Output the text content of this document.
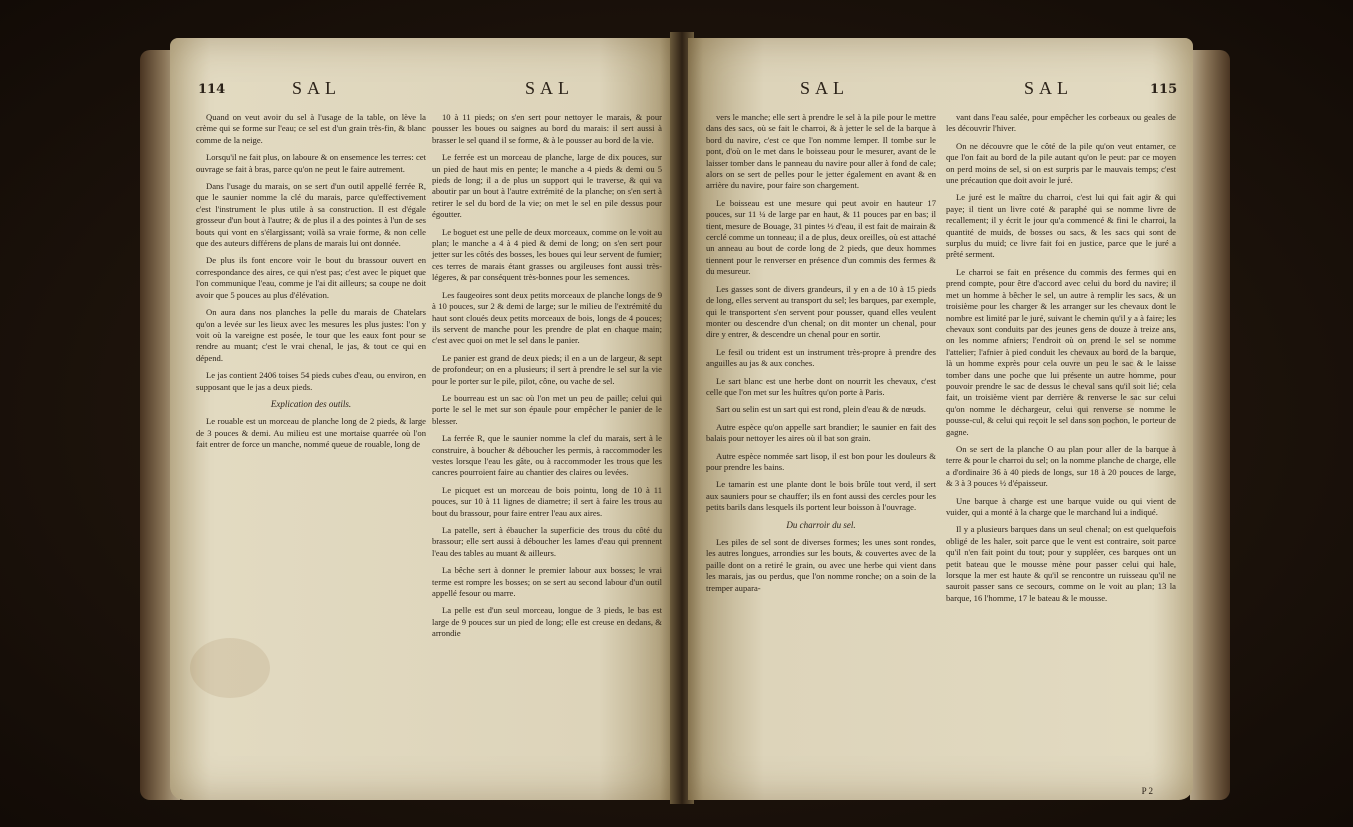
114	SAL	SAL

Quand on veut avoir du sel à l'usage de la table, on lève la crème qui se forme sur l'eau; ce sel est d'un grain très-fin, & blanc comme de la neige.

Lorsqu'il ne fait plus, on laboure & on ensemence les terres: cet ouvrage se fait à bras, parce qu'on ne peut le faire autrement.

Dans l'usage du marais, on se sert d'un outil appellé ferrée R, que le saunier nomme la clé du marais, parce qu'effectivement c'est l'instrument le plus utile à sa construction. Il est d'égale grosseur d'un bout à l'autre; & de plus il a des pointes à l'un de ses bouts qui vont en s'élargissant; voilà sa vraie forme, & non celle que des auteurs différens de plans de marais lui ont donnée.

De plus ils font encore voir le bout du brassour ouvert en correspondance des aires, ce qui n'est pas; c'est avec le piquet que l'on communique l'eau, comme je l'ai dit ailleurs; sa coupe ne doit avoir que 5 pouces au plus d'élévation.

On aura dans nos planches la pelle du marais de Chatelars qu'on a levée sur les lieux avec les mesures les plus justes: l'on y voit où la vareigne est posée, le tour que les eaux font pour se rendre au muant; c'est le vrai chenal, le jas, & tout ce qui en dépend.

Le jas contient 2406 toises 54 pieds cubes d'eau, ou environ, en supposant que le jas a deux pieds.

Explication des outils.

Le rouable est un morceau de planche long de 2 pieds, & large de 3 pouces & demi. Au milieu est une mortaise quarrée où l'on fait entrer de force un manche, nommé queue de rouable, long de

10 à 11 pieds; on s'en sert pour nettoyer le marais, & pour pousser les boues ou saignes au bord du marais: il sert aussi à brasser le sel quand il se forme, & à le pousser au bord de la vie.

Le ferrée est un morceau de planche, large de dix pouces, sur un pied de haut mis en pente; le manche a 4 pieds & demi ou 5 pieds de long; il a de plus un support qui le traverse, & qui va aboutir par un bout à l'autre extrémité de la planche; on s'en sert à retirer le sel du bord de la vie; on met le sel en pile dessus pour égoutter.

Le boguet est une pelle de deux morceaux, comme on le voit au plan; le manche a 4 à 4 pied & demi de long; on s'en sert pour jetter sur les côtés des bosses, les boues qui leur servent de fumier; ces terres de marais étant grasses ou argileuses font aussi très-légeres, & par conséquent très-bonnes pour les semences.

Les faugeoires sont deux petits morceaux de planche longs de 9 à 10 pouces, sur 2 & demi de large; sur le milieu de l'extrémité du haut sont cloués deux petits morceaux de bois, longs de 4 pouces; ils servent de manche pour les prendre de plat en chaque main; c'est avec quoi on met le sel dans le panier.

Le panier est grand de deux pieds; il en a un de largeur, & sept de profondeur; on en a plusieurs; il sert à prendre le sel sur la vie pour le porter sur le pile, pilot, cône, ou vache de sel.

Le bourreau est un sac où l'on met un peu de paille; celui qui porte le sel le met sur son épaule pour empêcher le panier de le blesser.

La ferrée R, que le saunier nomme la clef du marais, sert à le construire, à boucher & déboucher les permis, à raccommoder les vestes lorsque l'eau les gâte, ou à raccommoder les trous que les cancres pourroient faire au chantier des claires ou levées.

Le picquet est un morceau de bois pointu, long de 10 à 11 pouces, sur 10 à 11 lignes de diametre; il sert à faire les trous au bout du brassour, pour faire entrer l'eau aux aires.

La patelle, sert à ébaucher la superficie des trous du côté du brassour; elle sert aussi à déboucher les lames d'eau qui prennent l'eau des tables au muant & ailleurs.

La bêche sert à donner le premier labour aux bosses; le vrai terme est rompre les bosses; on se sert au second labour d'un outil appellé fesour ou marre.

La pelle est d'un seul morceau, longue de 3 pieds, le bas est large de 9 pouces sur un pied de long; elle est creuse en dedans, & arrondie

SAL	SAL	115

vers le manche; elle sert à prendre le sel à la pile pour le mettre dans des sacs, où se fait le charroi, & à jetter le sel de la barque à bord du navire, c'est ce que l'on nomme lemper. Il tombe sur le pont, d'où on le met dans le boisseau pour le mesurer, avant de le laisser tomber dans le panneau du navire pour aller à fond de cale; alors on se sert de pelles pour le jetter également en avant & en arrière du navire, pour faire son chargement.

Le boisseau est une mesure qui peut avoir en hauteur 17 pouces, sur 11 ¼ de large par en haut, & 11 pouces par en bas; il tient, mesure de Bouage, 31 pintes ½ d'eau, il est fait de mairain & cerclé comme un tonneau; il a de plus, deux oreilles, où est attaché un anneau au bout de corde long de 2 pieds, que deux hommes tiennent pour le renverser en présence d'un commis des fermes & du mesureur.

Les gasses sont de divers grandeurs, il y en a de 10 à 15 pieds de long, elles servent au transport du sel; les barques, par exemple, qui le transportent s'en servent pour pousser, quand elles veulent monter ou descendre d'un chenal; on dit monter un chenal, pour dire y entrer, & descendre un chenal pour en sortir.

Le fesil ou trident est un instrument très-propre à prendre des anguilles au jas & aux conches.

Le sart blanc est une herbe dont on nourrit les chevaux, c'est celle que l'on met sur les huîtres qu'on porte à Paris.

Sart ou selin est un sart qui est rond, plein d'eau & de nœuds.

Autre espèce qu'on appelle sart brandier; le saunier en fait des balais pour nettoyer les aires où il bat son grain.

Autre espèce nommée sart lisop, il est bon pour les douleurs & pour prendre les bains.

Le tamarin est une plante dont le bois brûle tout verd, il sert aux sauniers pour se chauffer; ils en font aussi des cercles pour les petits barils dans lesquels ils portent leur boisson à l'ouvrage.

Du charroir du sel.

Les piles de sel sont de diverses formes; les unes sont rondes, les autres longues, arrondies sur les bouts, & couvertes avec de la paille dont on a retiré le grain, ou avec une herbe qui vient dans les marais, jas ou perdus, que l'on nomme ronche; on a soin de la tremper aupara-

vant dans l'eau salée, pour empêcher les corbeaux ou geales de les découvrir l'hiver.

On ne découvre que le côté de la pile qu'on veut entamer, ce que l'on fait au bord de la pile autant qu'on le peut: par ce moyen on perd moins de sel, si on est surpris par le mauvais temps; c'est une précaution que doit avoir le juré.

Le juré est le maître du charroi, c'est lui qui fait agir & qui paye; il tient un livre coté & paraphé qui se nomme livre de recallement; il y écrit le jour qu'a commencé & fini le charroi, la quantité de muids, de bosses ou sacs, & les sacs qui sont de surplus du muid; ce livre fait foi en justice, parce que le juré a prêté serment.

Le charroi se fait en présence du commis des fermes qui en prend compte, pour être d'accord avec celui du bord du navire; il met un homme à bêcher le sel, un autre à remplir les sacs, & un troisième pour les charger & les arranger sur les chevaux dont le nombre est limité par le juré, suivant le chemin qu'il y a à faire; les chevaux sont conduits par des jeunes gens de douze à treize ans, on les nomme afniers; l'endroit où on prend le sel se nomme l'attelier; l'afnier à pied conduit les chevaux au bord de la barque, là un homme exprès pour cela ouvre un peu le sac & le laisse tomber dans une poche que lui présente un autre homme, pour pouvoir prendre le sac de dessus le cheval sans qu'il soit lié; cela fait, un troisième vient par derrière & renverse le sac sur celui qu'on nomme le déchargeur, celui qui renverse se nomme le pousse-cul, & celui qui reçoit le sel dans son pochon, le porteur de gagne.

On se sert de la planche O au plan pour aller de la barque à terre & pour le charroi du sel; on la nomme planche de charge, elle a d'ordinaire 36 à 40 pieds de longs, sur 18 à 20 pouces de large, & 3 à 3 pouces ½ d'épaisseur.

Une barque à charge est une barque vuide ou qui vient de vuider, qui a monté à la charge que le marchand lui a indiqué.

Il y a plusieurs barques dans un seul chenal; on est quelquefois obligé de les haler, soit parce que le vent est contraire, soit parce qu'il n'en fait point du tout; pour y suppléer, ces barques ont un petit bateau que le mousse mène pour passer celui qui hale, lorsque la mer est haute & qu'il se rencontre un ruisseau qu'il ne sauroit passer sans ce secours, comme on le voit au plan; 13 la barque, 16 l'homme, 17 le bateau & le mousse.

P 2
